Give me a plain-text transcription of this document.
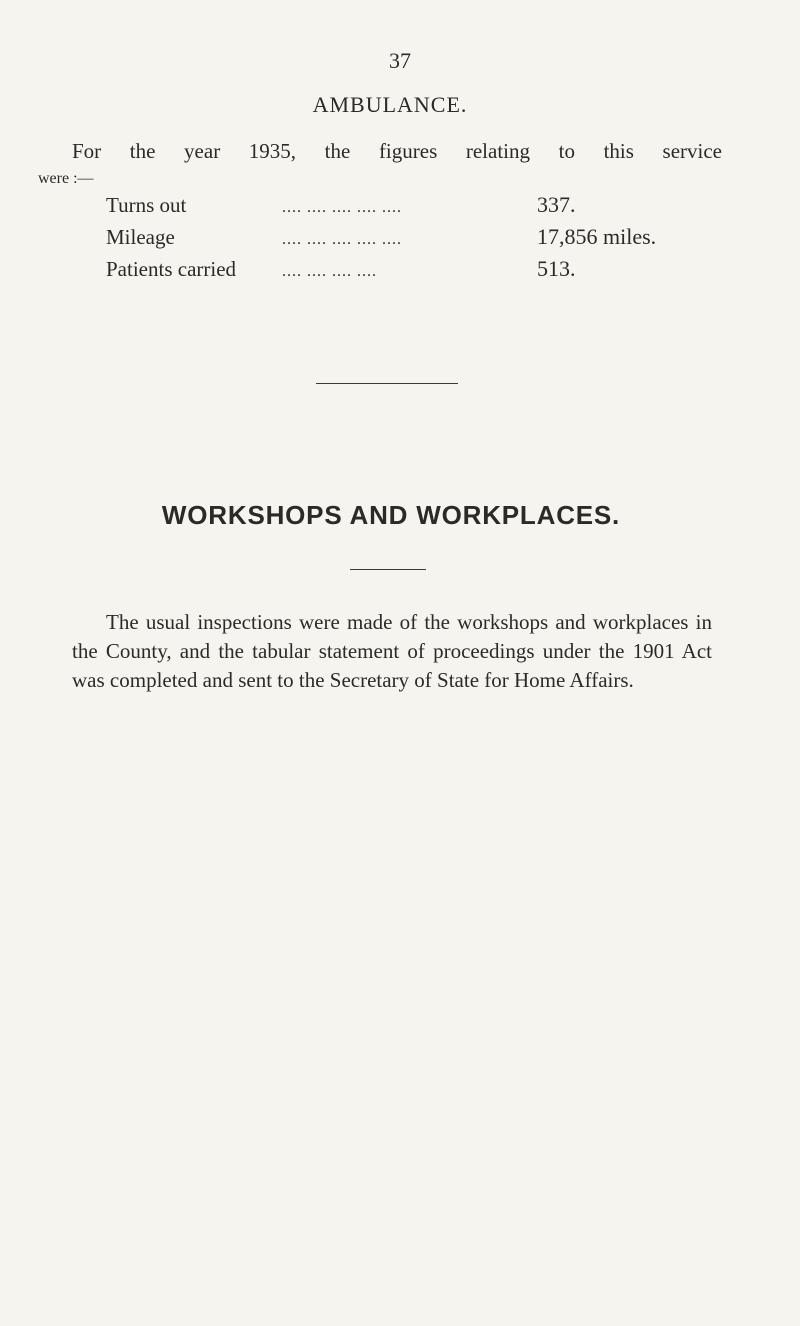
37
AMBULANCE.
For the year 1935, the figures relating to this service
were :—
Turns out	.... .... .... .... ....	337.
Mileage	.... .... .... .... ....	17,856 miles.
Patients carried	.... .... .... ....	513.
WORKSHOPS AND WORKPLACES.
The usual inspections were made of the workshops and workplaces in the County, and the tabular statement of proceedings under the 1901 Act was completed and sent to the Secretary of State for Home Affairs.
